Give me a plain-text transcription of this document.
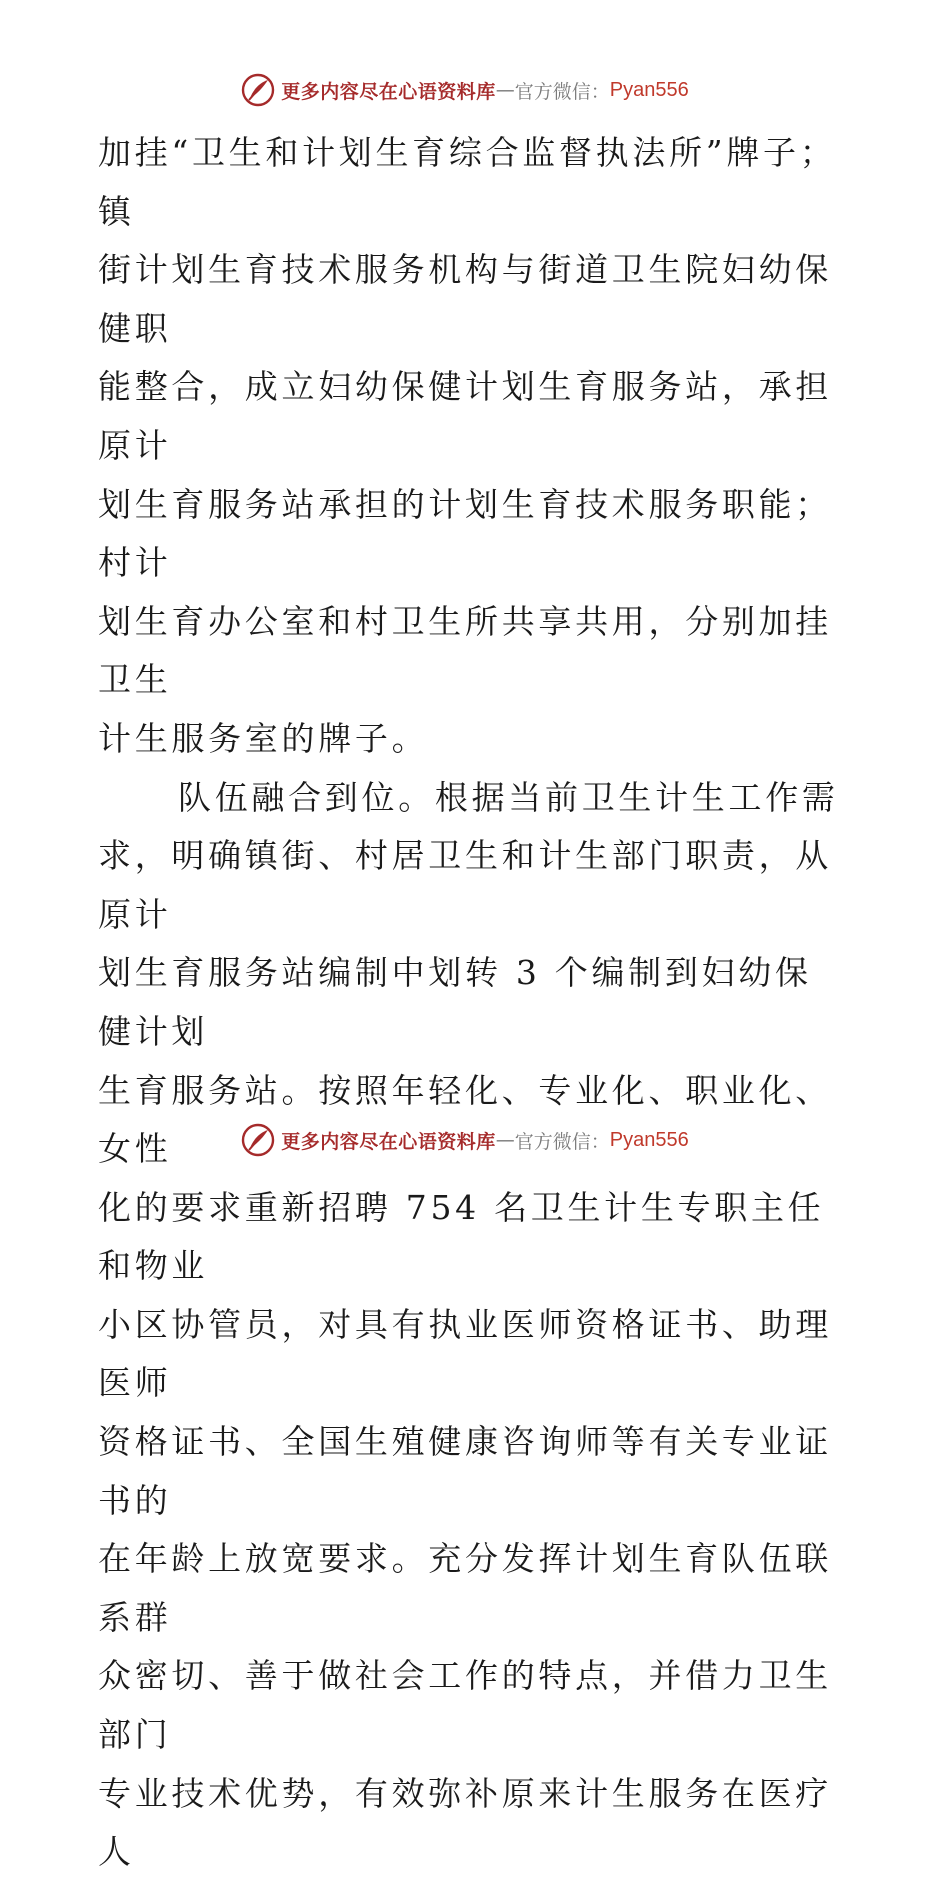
更多内容尽在心语资料库 — 官方微信： Pyan556

加挂“卫生和计划生育综合监督执法所”牌子；镇
街计划生育技术服务机构与街道卫生院妇幼保健职
能整合，成立妇幼保健计划生育服务站，承担原计
划生育服务站承担的计划生育技术服务职能；村计
划生育办公室和村卫生所共享共用，分别加挂卫生
计生服务室的牌子。

队伍融合到位。根据当前卫生计生工作需
求，明确镇街、村居卫生和计生部门职责，从原计
划生育服务站编制中划转 3 个编制到妇幼保健计划
生育服务站。按照年轻化、专业化、职业化、女性
化的要求重新招聘 754 名卫生计生专职主任和物业
小区协管员，对具有执业医师资格证书、助理医师
资格证书、全国生殖健康咨询师等有关专业证书的
在年龄上放宽要求。充分发挥计划生育队伍联系群
众密切、善于做社会工作的特点，并借力卫生部门
专业技术优势，有效弥补原来计生服务在医疗人

更多内容尽在心语资料库 — 官方微信： Pyan556
